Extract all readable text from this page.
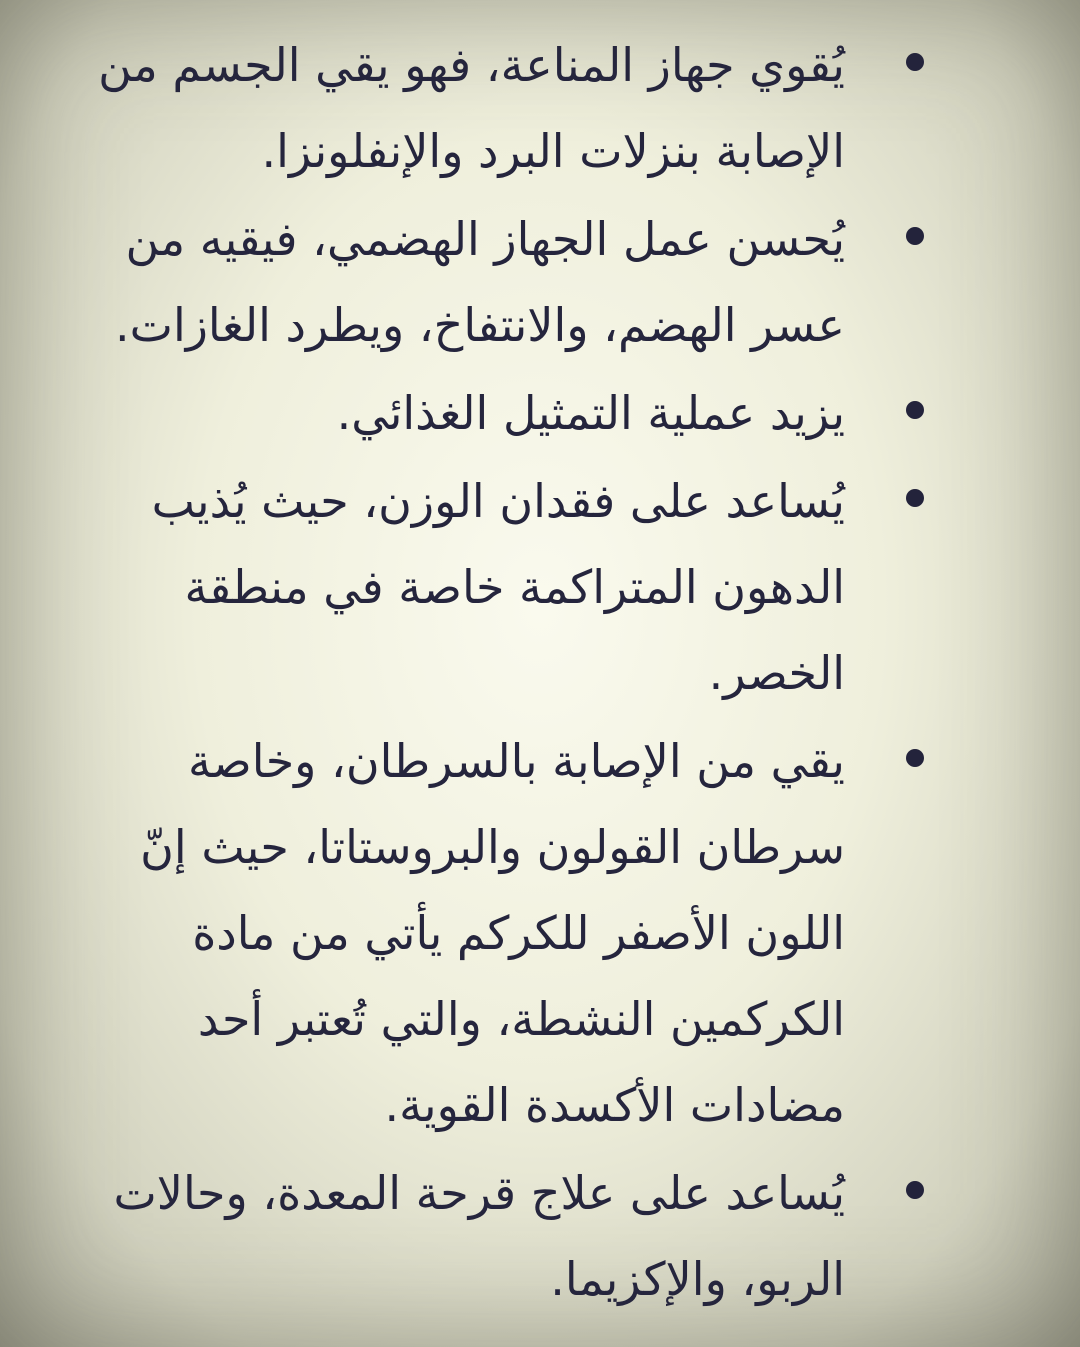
يُقوي جهاز المناعة، فهو يقي الجسم من الإصابة بنزلات البرد والإنفلونزا.
يُحسن عمل الجهاز الهضمي، فيقيه من عسر الهضم، والانتفاخ، ويطرد الغازات.
يزيد عملية التمثيل الغذائي.
يُساعد على فقدان الوزن، حيث يُذيب الدهون المتراكمة خاصة في منطقة الخصر.
يقي من الإصابة بالسرطان، وخاصة سرطان القولون والبروستاتا، حيث إنّ اللون الأصفر للكركم يأتي من مادة الكركمين النشطة، والتي تُعتبر أحد مضادات الأكسدة القوية.
يُساعد على علاج قرحة المعدة، وحالات الربو، والإكزيما.
